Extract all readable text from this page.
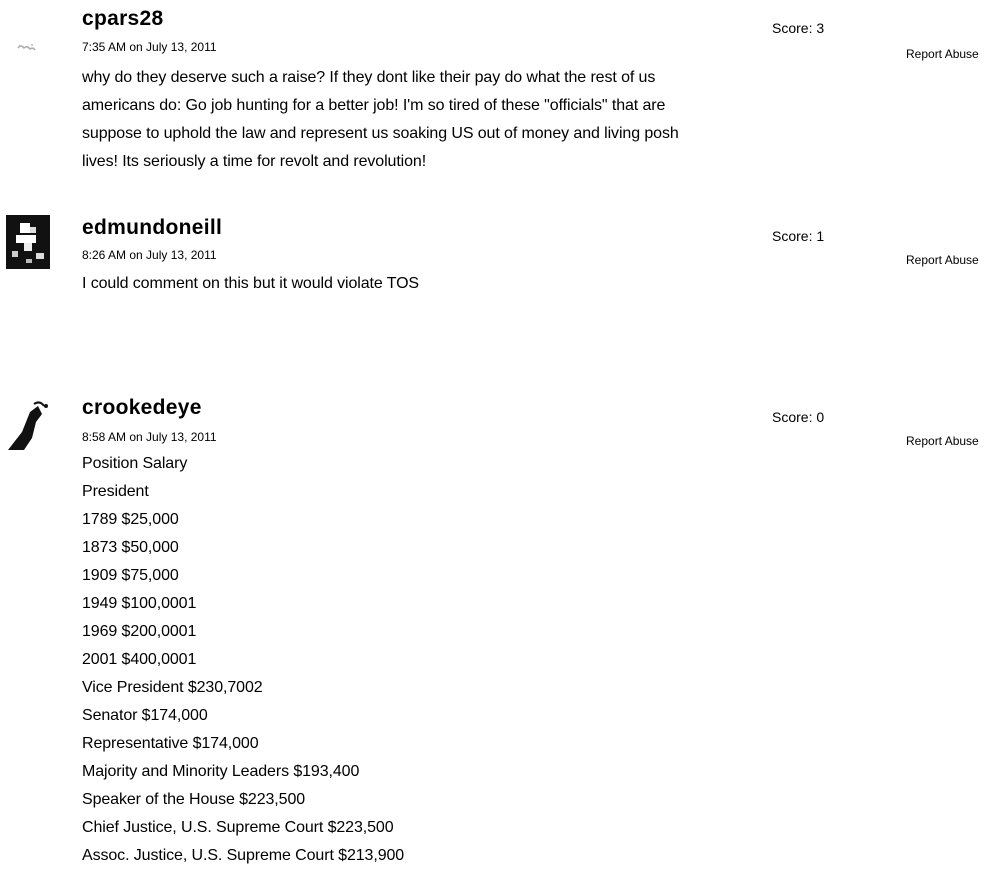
cpars28	Score: 3
7:35 AM on July 13, 2011	Report Abuse
why do they deserve such a raise? If they dont like their pay do what the rest of us
americans do: Go job hunting for a better job! I'm so tired of these "officials" that are
suppose to uphold the law and represent us soaking US out of money and living posh
lives! Its seriously a time for revolt and revolution!
edmundoneill	Score: 1
8:26 AM on July 13, 2011	Report Abuse
I could comment on this but it would violate TOS
crookedeye	Score: 0
8:58 AM on July 13, 2011	Report Abuse
Position Salary
President
1789 $25,000
1873 $50,000
1909 $75,000
1949 $100,0001
1969 $200,0001
2001 $400,0001
Vice President $230,7002
Senator $174,000
Representative $174,000
Majority and Minority Leaders $193,400
Speaker of the House $223,500
Chief Justice, U.S. Supreme Court $223,500
Assoc. Justice, U.S. Supreme Court $213,900
